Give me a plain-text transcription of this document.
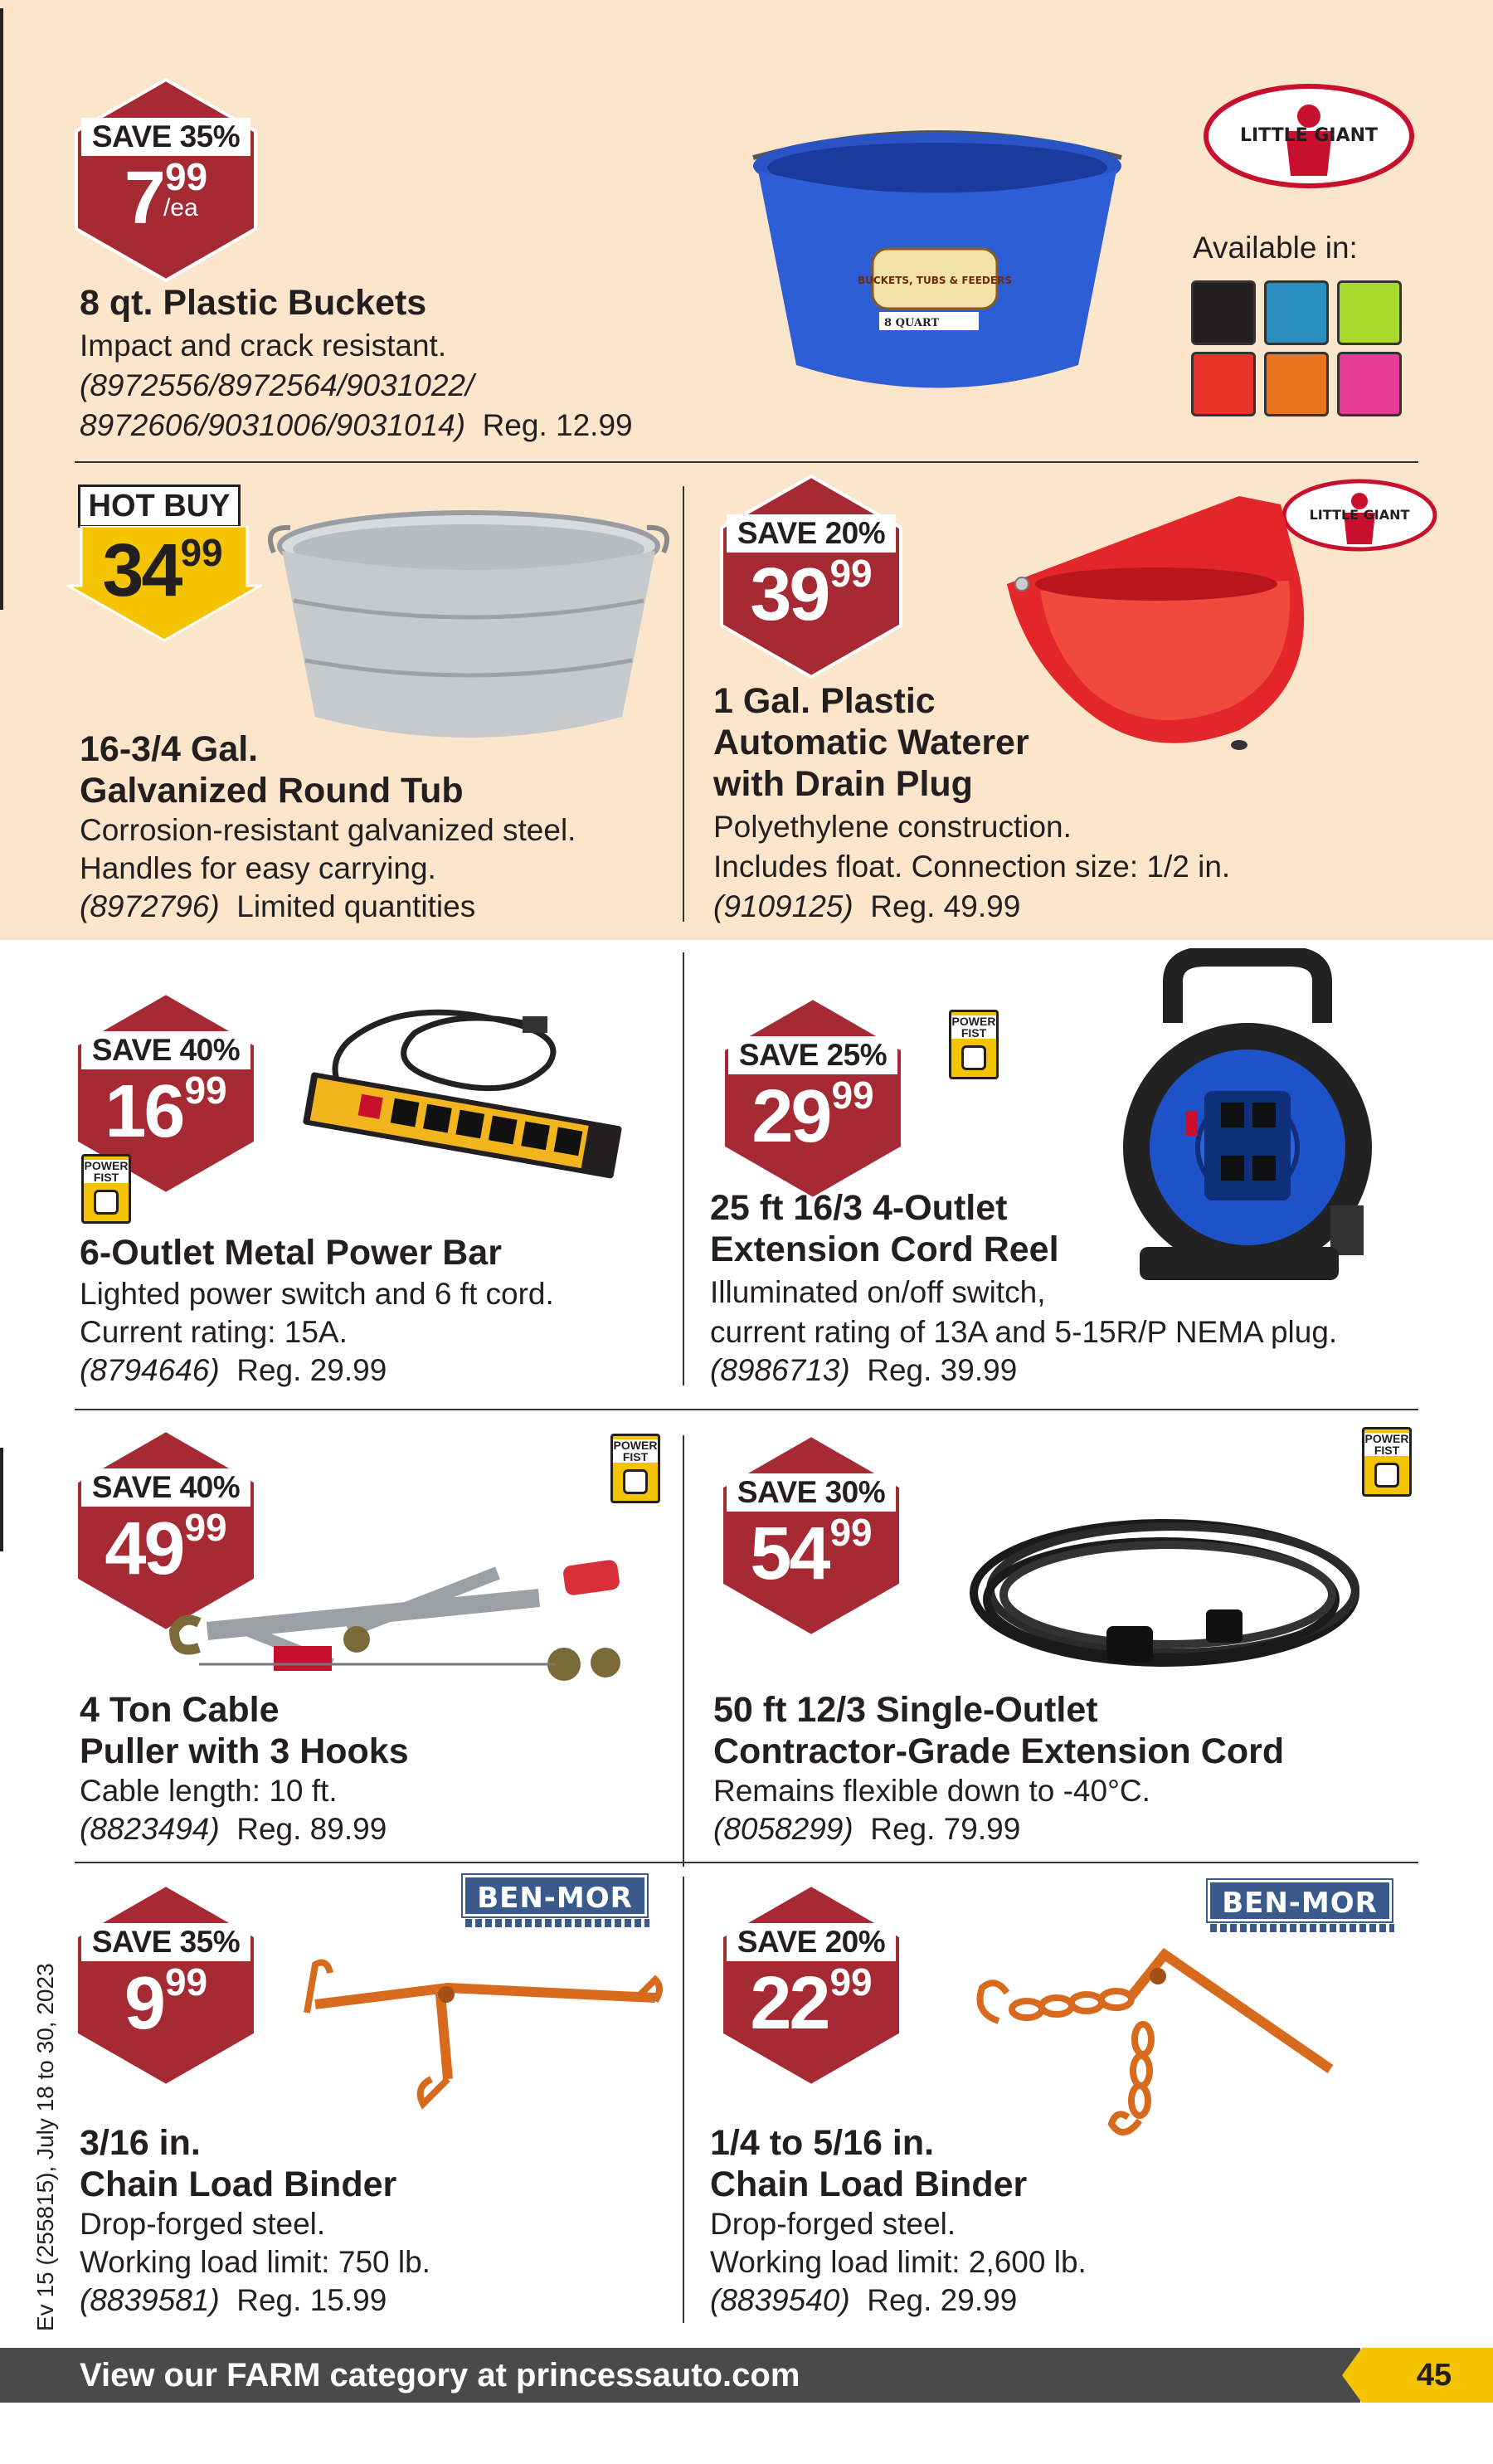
SAVE 35%
799
/ea
BUCKETS, TUBS & FEEDERS
8 QUART
LITTLE GIANT
Available in:
8 qt. Plastic Buckets
Impact and crack resistant.
(8972556/8972564/9031022/
8972606/9031006/9031014) Reg. 12.99
HOT BUY
3499
16-3/4 Gal.
Galvanized Round Tub
Corrosion-resistant galvanized steel.
Handles for easy carrying.
(8972796) Limited quantities
SAVE 20%
3999
LITTLE GIANT
1 Gal. Plastic
Automatic Waterer
with Drain Plug
Polyethylene construction.
Includes float. Connection size: 1/2 in.
(9109125) Reg. 49.99
SAVE 40%
1699
POWER FIST
6-Outlet Metal Power Bar
Lighted power switch and 6 ft cord.
Current rating: 15A.
(8794646) Reg. 29.99
SAVE 25%
2999
POWER FIST
25 ft 16/3 4-Outlet
Extension Cord Reel
Illuminated on/off switch,
current rating of 13A and 5-15R/P NEMA plug.
(8986713) Reg. 39.99
SAVE 40%
4999
POWER FIST
4 Ton Cable
Puller with 3 Hooks
Cable length: 10 ft.
(8823494) Reg. 89.99
SAVE 30%
5499
POWER FIST
50 ft 12/3 Single-Outlet
Contractor-Grade Extension Cord
Remains flexible down to -40°C.
(8058299) Reg. 79.99
SAVE 35%
999
BEN-MOR
3/16 in.
Chain Load Binder
Drop-forged steel.
Working load limit: 750 lb.
(8839581) Reg. 15.99
SAVE 20%
2299
BEN-MOR
1/4 to 5/16 in.
Chain Load Binder
Drop-forged steel.
Working load limit: 2,600 lb.
(8839540) Reg. 29.99
Ev 15 (255815), July 18 to 30, 2023
View our FARM category at princessauto.com	45
